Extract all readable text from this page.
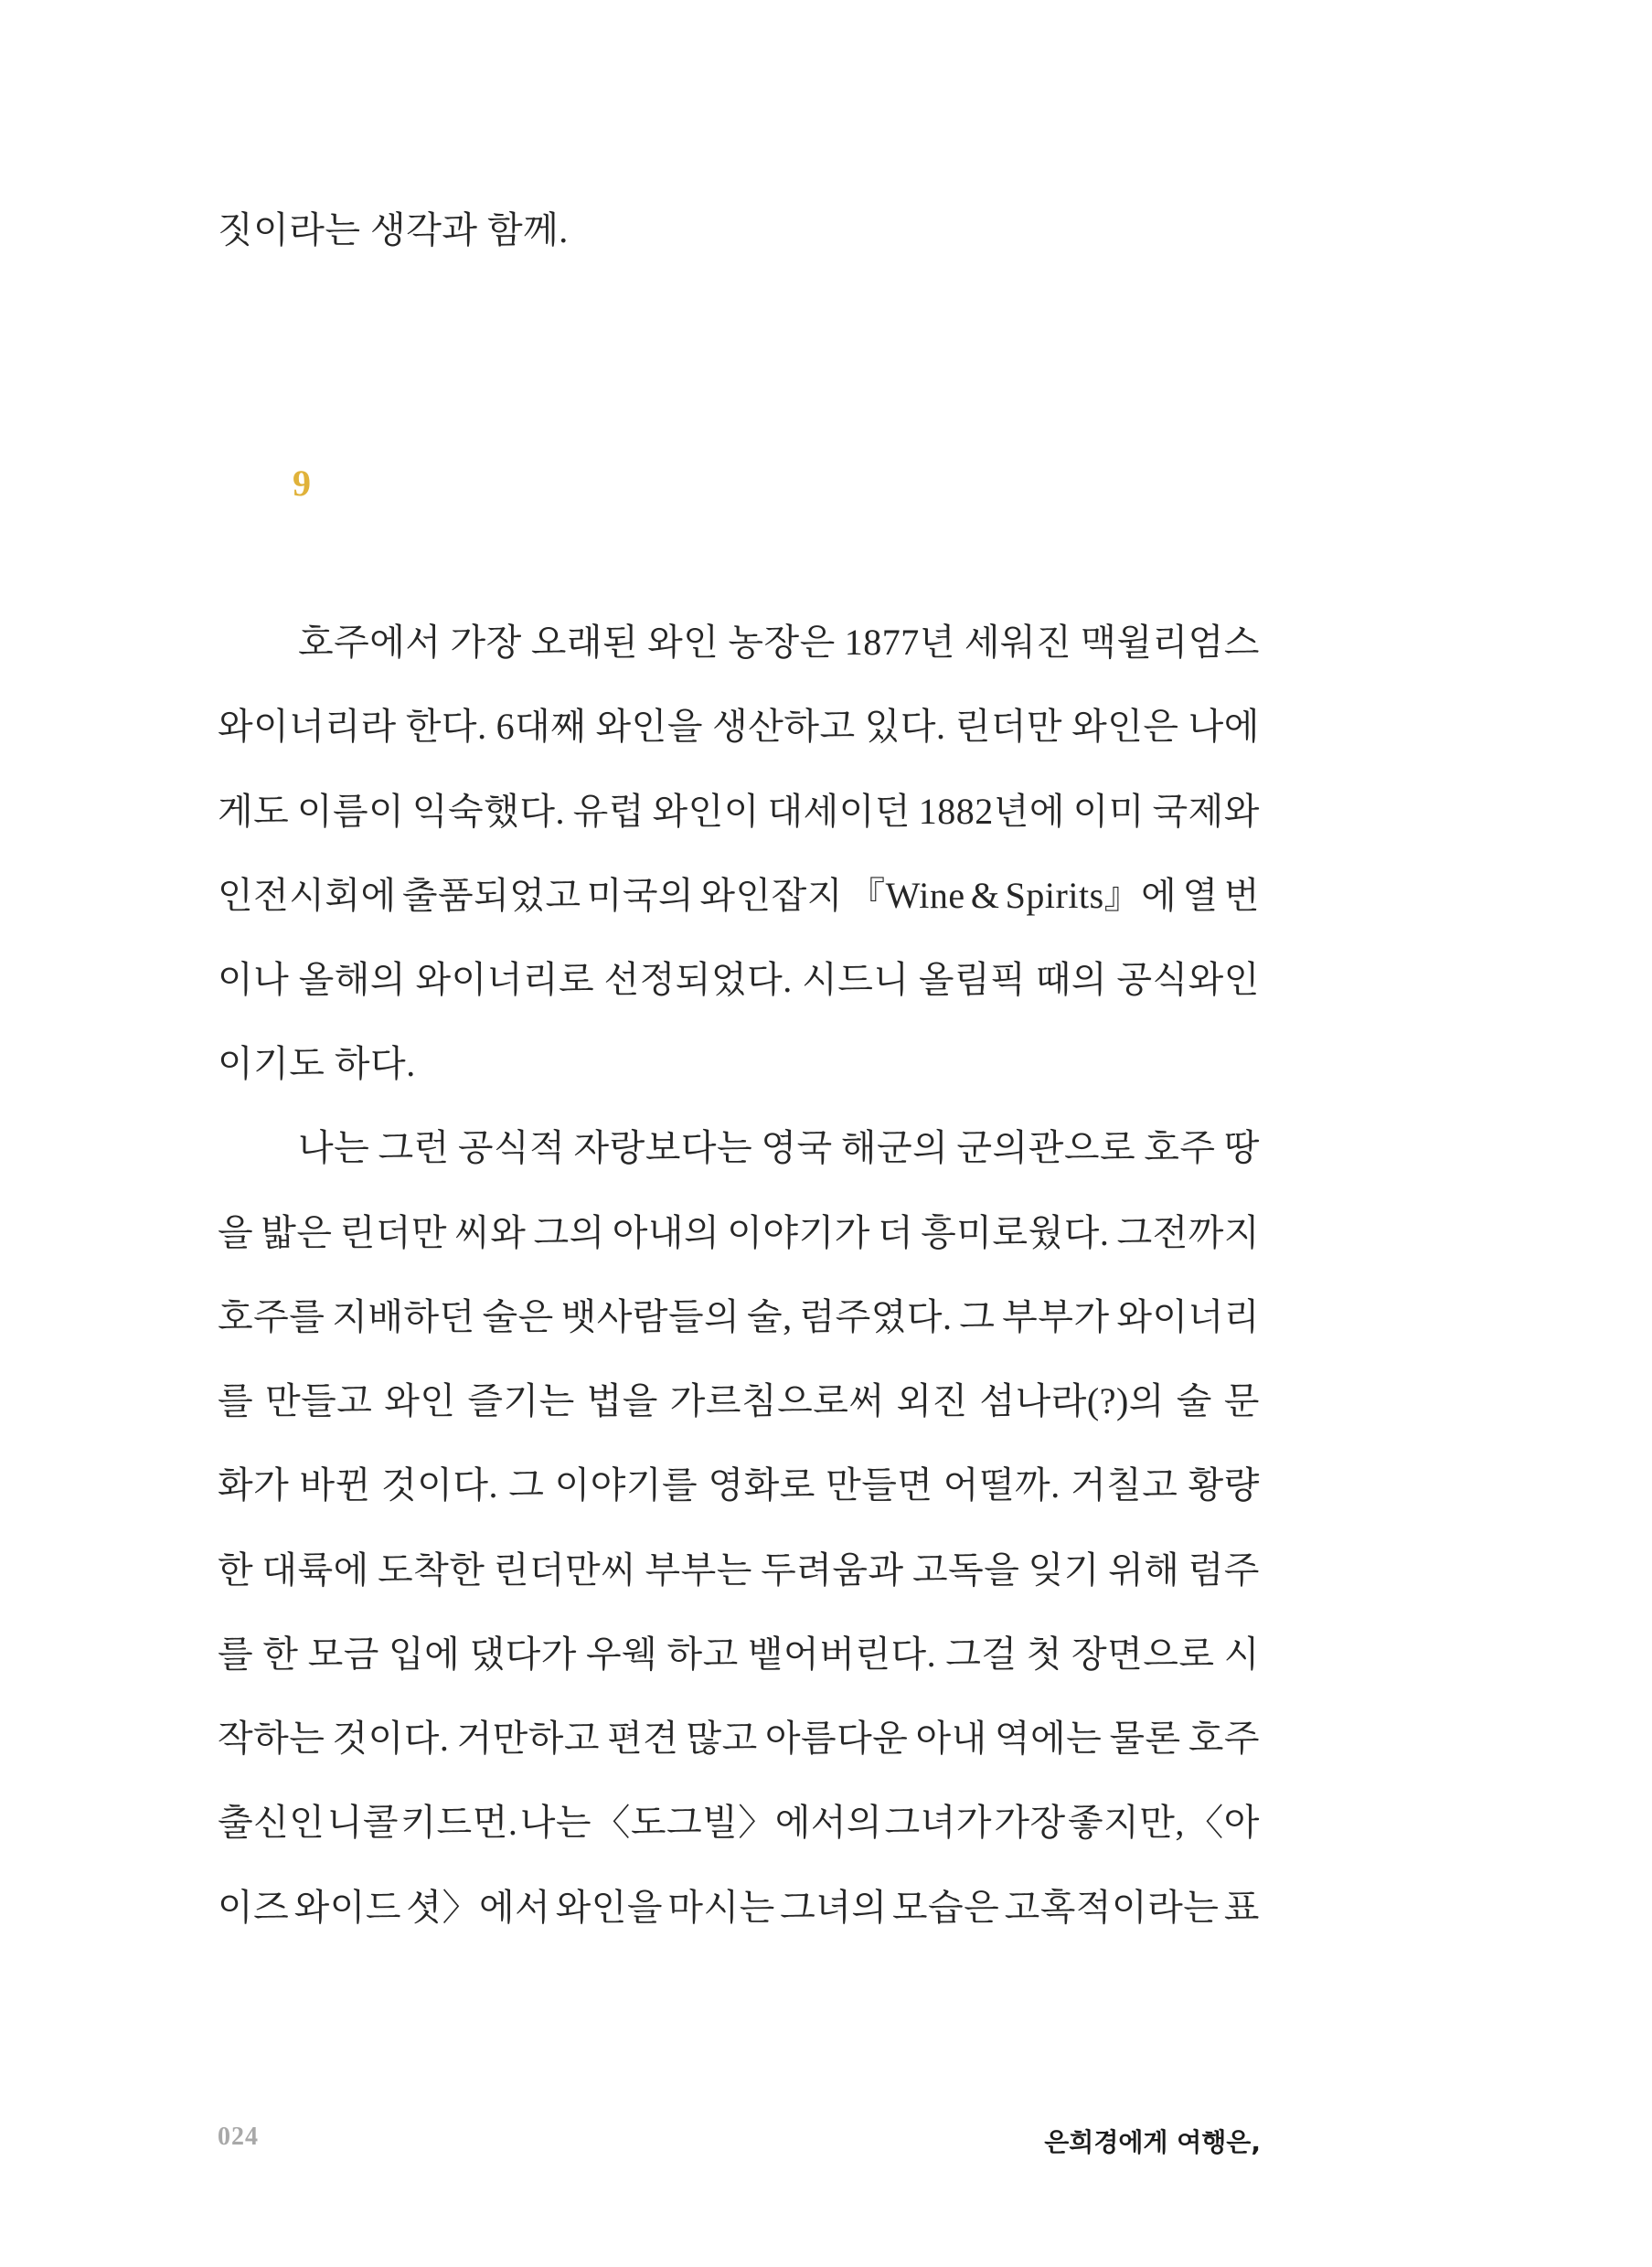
짓이라는 생각과 함께.
9
호주에서 가장 오래된 와인 농장은 1877년 세워진 맥윌리엄스
와이너리라 한다. 6대째 와인을 생산하고 있다. 린더만 와인은 나에
게도 이름이 익숙했다. 유럽 와인이 대세이던 1882년에 이미 국제와
인전시회에 출품되었고 미국의 와인잡지 『Wine & Spirits』에 열 번
이나 올해의 와이너리로 선정되었다. 시드니 올림픽 때의 공식와인
이기도 하다.
나는 그런 공식적 자랑보다는 영국 해군의 군의관으로 호주 땅
을 밟은 린더만 씨와 그의 아내의 이야기가 더 흥미로웠다. 그전까지
호주를 지배하던 술은 뱃사람들의 술, 럼주였다. 그 부부가 와이너리
를 만들고 와인 즐기는 법을 가르침으로써 외진 섬나라(?)의 술 문
화가 바뀐 것이다. 그 이야기를 영화로 만들면 어떨까. 거칠고 황량
한 대륙에 도착한 린더만씨 부부는 두려움과 고독을 잊기 위해 럼주
를 한 모금 입에 댔다가 우웩 하고 뱉어버린다. 그걸 첫 장면으로 시
작하는 것이다. 거만하고 편견 많고 아름다운 아내 역에는 물론 호주
출신인 니콜 키드먼. 나는 〈도그빌〉에서의 그녀가 가장 좋지만, 〈아
이즈 와이드 셧〉에서 와인을 마시는 그녀의 모습은 고혹적이라는 표
024	은희경에게 여행은,
